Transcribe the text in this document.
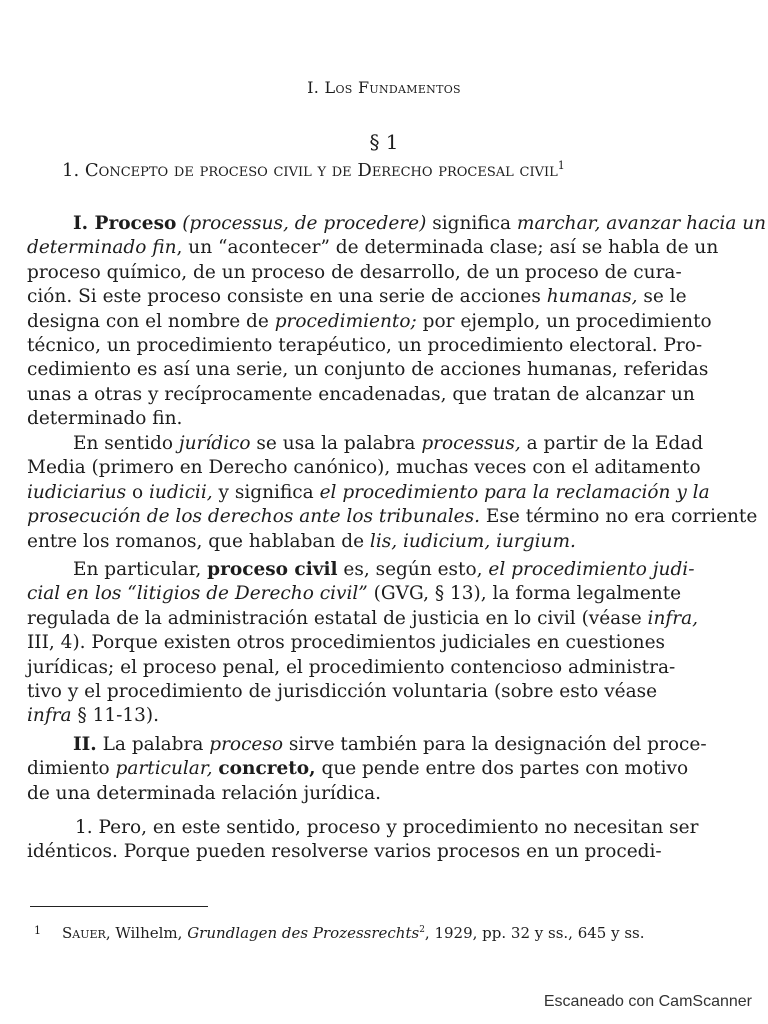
I. Los Fundamentos
§ 1
1. Concepto de proceso civil y de Derecho procesal civil$^1$
I. Proceso (processus, de procedere) significa marchar, avanzar hacia un
determinado fin, un “acontecer” de determinada clase; así se habla de un
proceso químico, de un proceso de desarrollo, de un proceso de cura-
ción. Si este proceso consiste en una serie de acciones humanas, se le
designa con el nombre de procedimiento; por ejemplo, un procedimiento
técnico, un procedimiento terapéutico, un procedimiento electoral. Pro-
cedimiento es así una serie, un conjunto de acciones humanas, referidas
unas a otras y recíprocamente encadenadas, que tratan de alcanzar un
determinado fin.
En sentido jurídico se usa la palabra processus, a partir de la Edad
Media (primero en Derecho canónico), muchas veces con el aditamento
iudiciarius o iudicii, y significa el procedimiento para la reclamación y la
prosecución de los derechos ante los tribunales. Ese término no era corriente
entre los romanos, que hablaban de lis, iudicium, iurgium.
En particular, proceso civil es, según esto, el procedimiento judi-
cial en los “litigios de Derecho civil” (GVG, § 13), la forma legalmente
regulada de la administración estatal de justicia en lo civil (véase infra,
III, 4). Porque existen otros procedimientos judiciales en cuestiones
jurídicas; el proceso penal, el procedimiento contencioso administra-
tivo y el procedimiento de jurisdicción voluntaria (sobre esto véase
infra § 11-13).
II. La palabra proceso sirve también para la designación del proce-
dimiento particular, concreto, que pende entre dos partes con motivo
de una determinada relación jurídica.
1. Pero, en este sentido, proceso y procedimiento no necesitan ser
idénticos. Porque pueden resolverse varios procesos en un procedi-
1 Sauer, Wilhelm, Grundlagen des Prozessrechts$^2$, 1929, pp. 32 y ss., 645 y ss.
Escaneado con CamScanner
